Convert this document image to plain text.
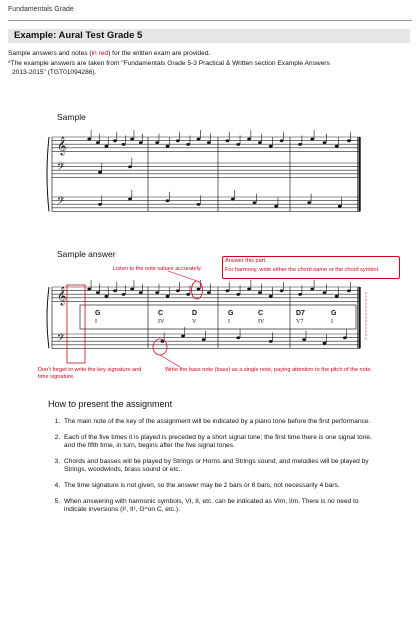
Fundamentals Grade
Example: Aural Test Grade 5
Sample answers and notes (in red) for the written exam are provided.
*The example answers are taken from "Fundamentals Grade 5-3 Practical & Written section Example Answers
2013-2015" (TGT01094286).
Sample
Sample answer
𝄞
𝄢
𝄢
𝄞
𝄢
Listen to the note values accurately.
Answer this part.
For harmony, write either the chord name or the chord symbol.
Don't forget to write the key signature and time signature.
Write the bass note (bass) as a single note, paying attention to the pitch of the note.
G
I
C
IV
D
V
G
I
C
IV
D7
V7
G
I
How to present the assignment
1. The main note of the key of the assignment will be indicated by a piano tone before the first performance.
2. Each of the five times it is played is preceded by a short signal tone; the first time there is one signal tone, and the fifth time, in turn, begins after the five signal tones.
3. Chords and basses will be played by Strings or Horns and Strings sound, and melodies will be played by Strings, woodwinds, brass sound or etc..
4. The time signature is not given, so the answer may be 2 bars or 8 bars, not necessarily 4 bars.
5. When answering with harmonic symbols, VI, II, etc. can be indicated as VIm, IIm. There is no need to indicate inversions (I², II¹, G^on C, etc.).
